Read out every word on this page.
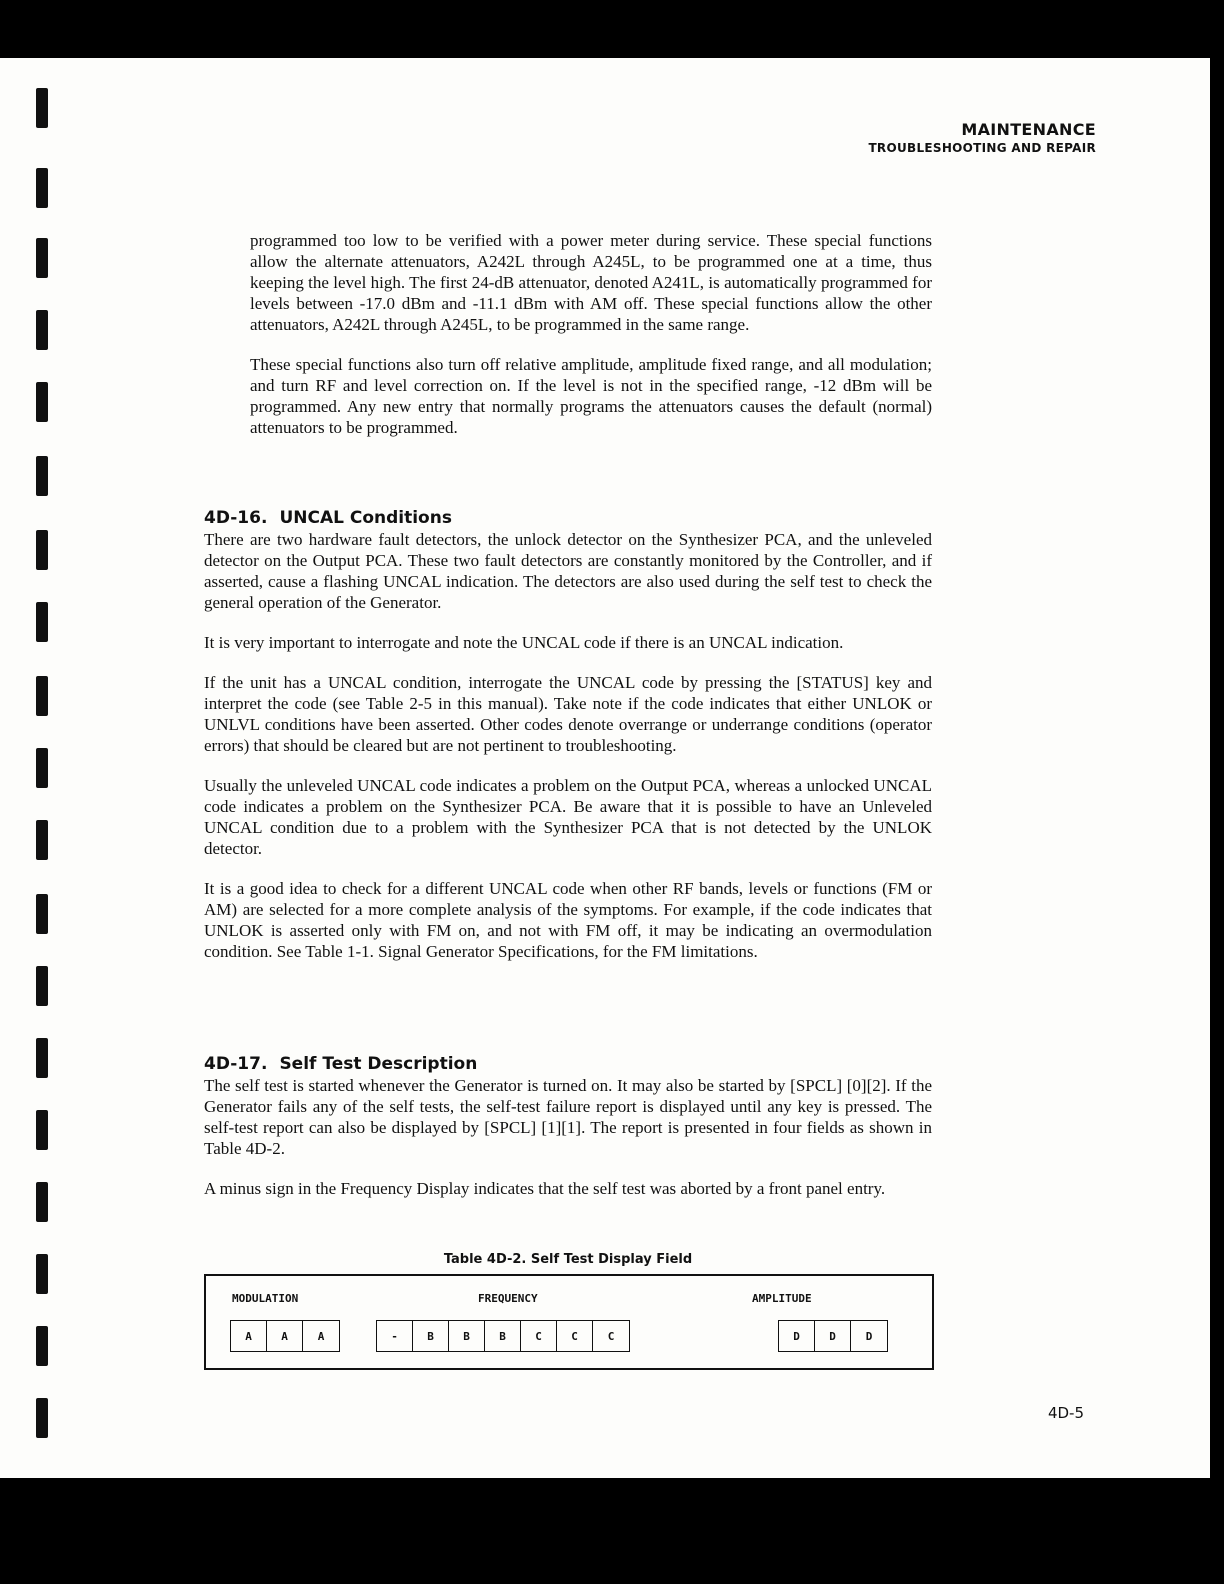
MAINTENANCE
TROUBLESHOOTING AND REPAIR

programmed too low to be verified with a power meter during service. These special functions allow the alternate attenuators, A242L through A245L, to be programmed one at a time, thus keeping the level high. The first 24-dB attenuator, denoted A241L, is automatically programmed for levels between -17.0 dBm and -11.1 dBm with AM off. These special functions allow the other attenuators, A242L through A245L, to be programmed in the same range.

These special functions also turn off relative amplitude, amplitude fixed range, and all modulation; and turn RF and level correction on. If the level is not in the specified range, -12 dBm will be programmed. Any new entry that normally programs the attenuators causes the default (normal) attenuators to be programmed.

4D-16. UNCAL Conditions

There are two hardware fault detectors, the unlock detector on the Synthesizer PCA, and the unleveled detector on the Output PCA. These two fault detectors are constantly monitored by the Controller, and if asserted, cause a flashing UNCAL indication. The detectors are also used during the self test to check the general operation of the Generator.

It is very important to interrogate and note the UNCAL code if there is an UNCAL indication.

If the unit has a UNCAL condition, interrogate the UNCAL code by pressing the [STATUS] key and interpret the code (see Table 2-5 in this manual). Take note if the code indicates that either UNLOK or UNLVL conditions have been asserted. Other codes denote overrange or underrange conditions (operator errors) that should be cleared but are not pertinent to troubleshooting.

Usually the unleveled UNCAL code indicates a problem on the Output PCA, whereas a unlocked UNCAL code indicates a problem on the Synthesizer PCA. Be aware that it is possible to have an Unleveled UNCAL condition due to a problem with the Synthesizer PCA that is not detected by the UNLOK detector.

It is a good idea to check for a different UNCAL code when other RF bands, levels or functions (FM or AM) are selected for a more complete analysis of the symptoms. For example, if the code indicates that UNLOK is asserted only with FM on, and not with FM off, it may be indicating an overmodulation condition. See Table 1-1. Signal Generator Specifications, for the FM limitations.

4D-17. Self Test Description

The self test is started whenever the Generator is turned on. It may also be started by [SPCL] [0][2]. If the Generator fails any of the self tests, the self-test failure report is displayed until any key is pressed. The self-test report can also be displayed by [SPCL] [1][1]. The report is presented in four fields as shown in Table 4D-2.

A minus sign in the Frequency Display indicates that the self test was aborted by a front panel entry.

Table 4D-2. Self Test Display Field
MODULATION	FREQUENCY	AMPLITUDE
A	A	A	-	B	B	B	C	C	C	D	D	D
4D-5
